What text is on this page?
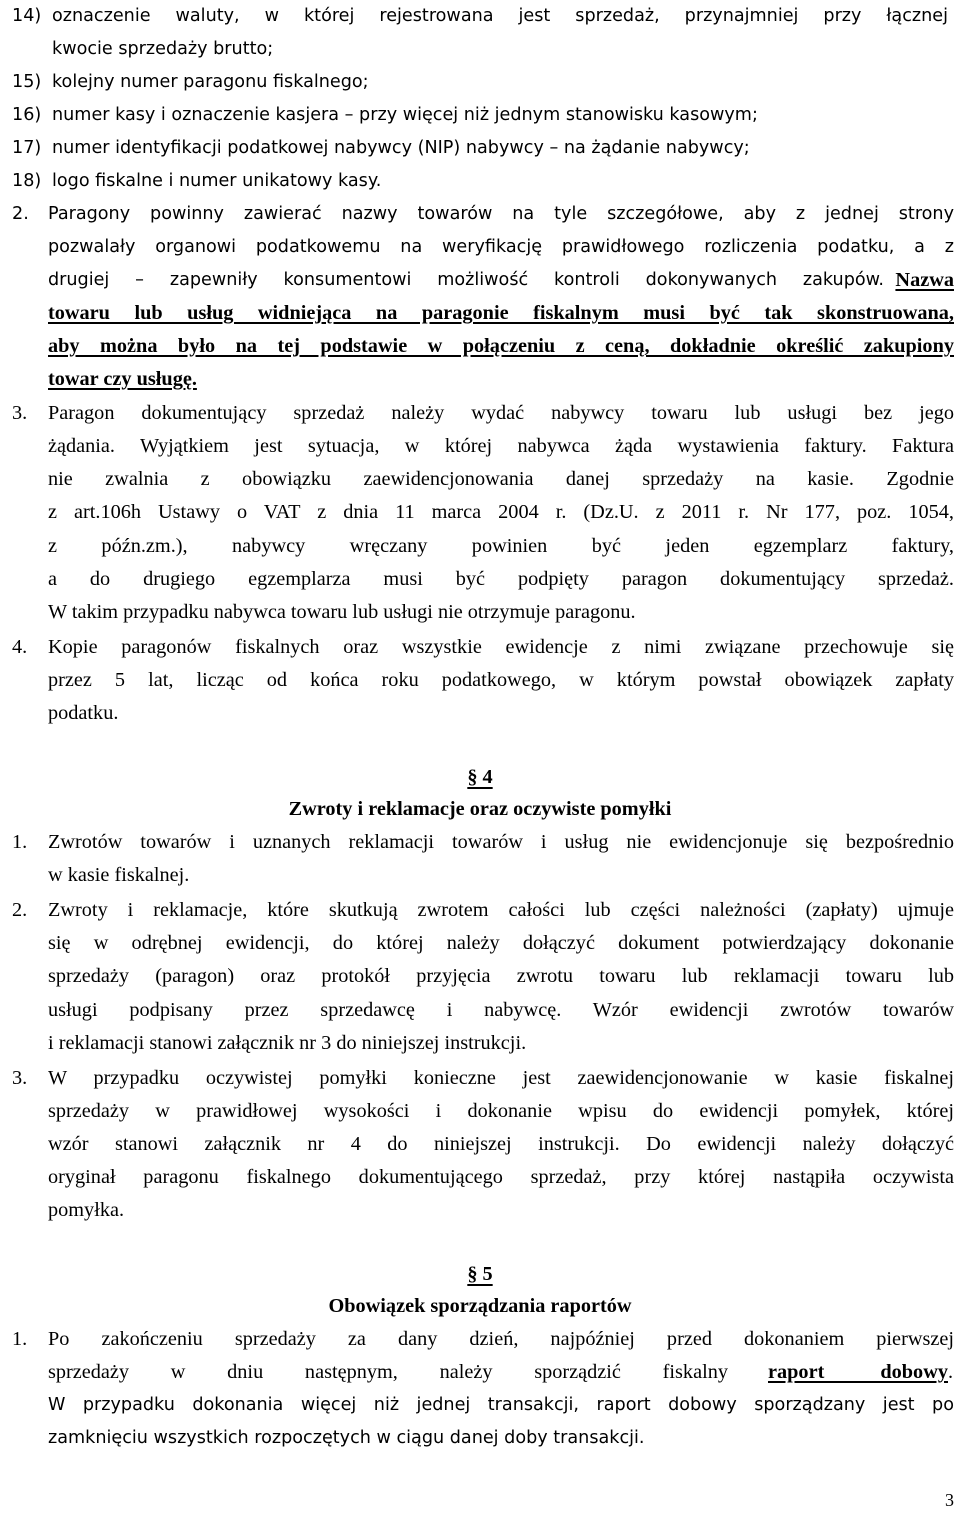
14) oznaczenie waluty, w której rejestrowana jest sprzedaż, przynajmniej przy łącznej
kwocie sprzedaży brutto;
15) kolejny numer paragonu fiskalnego;
16) numer kasy i oznaczenie kasjera – przy więcej niż jednym stanowisku kasowym;
17) numer identyfikacji podatkowej nabywcy (NIP) nabywcy – na żądanie nabywcy;
18) logo fiskalne i numer unikatowy kasy.
2. Paragony powinny zawierać nazwy towarów na tyle szczegółowe, aby z jednej strony
pozwalały organowi podatkowemu na weryfikację prawidłowego rozliczenia podatku, a z
drugiej – zapewniły konsumentowi możliwość kontroli dokonywanych zakupów. Nazwa
towaru lub usług widniejąca na paragonie fiskalnym musi być tak skonstruowana,
aby można było na tej podstawie w połączeniu z ceną, dokładnie określić zakupiony
towar czy usługę.
3. Paragon dokumentujący sprzedaż należy wydać nabywcy towaru lub usługi bez jego
żądania. Wyjątkiem jest sytuacja, w której nabywca żąda wystawienia faktury. Faktura
nie zwalnia z obowiązku zaewidencjonowania danej sprzedaży na kasie. Zgodnie
z art.106h Ustawy o VAT z dnia 11 marca 2004 r. (Dz.U. z 2011 r. Nr 177, poz. 1054,
z późn.zm.), nabywcy wręczany powinien być jeden egzemplarz faktury,
a do drugiego egzemplarza musi być podpięty paragon dokumentujący sprzedaż.
W takim przypadku nabywca towaru lub usługi nie otrzymuje paragonu.
4. Kopie paragonów fiskalnych oraz wszystkie ewidencje z nimi związane przechowuje się
przez 5 lat, licząc od końca roku podatkowego, w którym powstał obowiązek zapłaty
podatku.
§ 4
Zwroty i reklamacje oraz oczywiste pomyłki
1. Zwrotów towarów i uznanych reklamacji towarów i usług nie ewidencjonuje się bezpośrednio
w kasie fiskalnej.
2. Zwroty i reklamacje, które skutkują zwrotem całości lub części należności (zapłaty) ujmuje
się w odrębnej ewidencji, do której należy dołączyć dokument potwierdzający dokonanie
sprzedaży (paragon) oraz protokół przyjęcia zwrotu towaru lub reklamacji towaru lub
usługi podpisany przez sprzedawcę i nabywcę. Wzór ewidencji zwrotów towarów
i reklamacji stanowi załącznik nr 3 do niniejszej instrukcji.
3. W przypadku oczywistej pomyłki konieczne jest zaewidencjonowanie w kasie fiskalnej
sprzedaży w prawidłowej wysokości i dokonanie wpisu do ewidencji pomyłek, której
wzór stanowi załącznik nr 4 do niniejszej instrukcji. Do ewidencji należy dołączyć
oryginał paragonu fiskalnego dokumentującego sprzedaż, przy której nastąpiła oczywista
pomyłka.
§ 5
Obowiązek sporządzania raportów
1. Po zakończeniu sprzedaży za dany dzień, najpóźniej przed dokonaniem pierwszej
sprzedaży w dniu następnym, należy sporządzić fiskalny raport dobowy .
W przypadku dokonania więcej niż jednej transakcji, raport dobowy sporządzany jest po
zamknięciu wszystkich rozpoczętych w ciągu danej doby transakcji.
3
